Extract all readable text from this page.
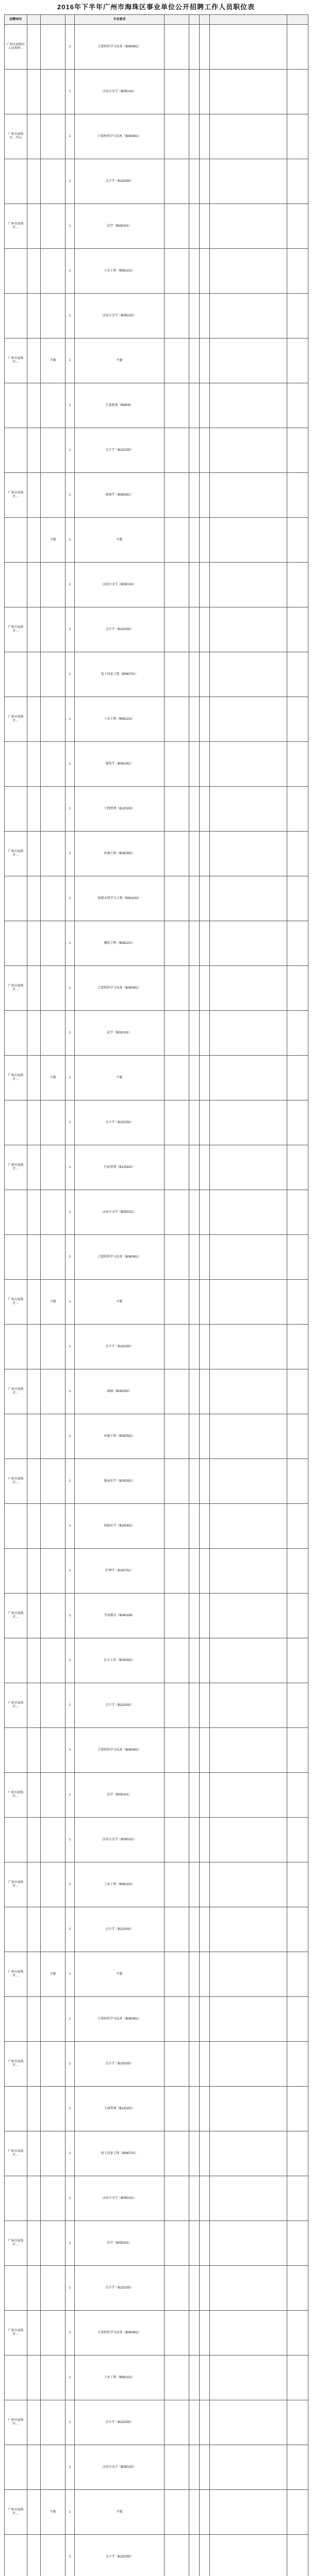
2016年下半年广州市海珠区事业单位公开招聘工作人员职位表
招聘单位				专业要求					
广州市海珠区人民政府…			1	计算机科学与技术（B080901）					
			1	汉语言文学（B050101）					
广州市海珠区…中心			1	计算机科学与技术（B080901）					
			1	会计学（B120203）					
广州市海珠区…			1	法学（B030101）					
			1	土木工程（B081101）					
			1	汉语言文学（B050101）					
广州市海珠区…		不限	1	不限					
			1	计算机类（B0809）					
			1	会计学（B120203）					
广州市海珠区…			1	新闻学（B050301）					
		不限	1	不限					
			1	汉语言文学（B050101）					
广州市海珠区…			1	会计学（B120203）					
			1	电子信息工程（B080701）					
广州市海珠区…			1	土木工程（B081101）					
			1	建筑学（B081001）					
			1	工程管理（B120103）					
广州市海珠区…			1	环境工程（B082502）					
			1	给排水科学与工程（B081103）					
			1	测绘工程（B081201）					
广州市海珠区…			1	计算机科学与技术（B080901）					
			1	法学（B030101）					
广州市海珠区…		不限	1	不限					
			1	会计学（B120203）					
广州市海珠区…			1	行政管理（B120402）					
			1	汉语言文学（B050101）					
			1	计算机科学与技术（B080901）					
广州市海珠区…		不限	1	不限					
			1	会计学（B120203）					
广州市海珠区…			1	园林（B090502）					
			1	环境工程（B082502）					
广州市海珠区…			1	临床医学（B100301）					
			1	预防医学（B100401）					
			1	护理学（B100701）					
广州市海珠区…			1	学前教育（B040106）					
			1	社会工作（B030302）					
广州市海珠区…			1	会计学（B120203）					
			1	计算机科学与技术（B080901）					
广州市海珠区…			1	法学（B030101）					
			1	汉语言文学（B050101）					
广州市海珠区…			1	土木工程（B081101）					
			1	会计学（B120203）					
广州市海珠区…		不限	1	不限					
			1	计算机科学与技术（B080901）					
广州市海珠区…			1	会计学（B120203）					
			1	工商管理（B120201）					
广州市海珠区…			1	电子信息工程（B080701）					
			1	汉语言文学（B050101）					
广州市海珠区…			1	法学（B030101）					
			1	会计学（B120203）					
广州市海珠区…			1	计算机科学与技术（B080901）					
			1	土木工程（B081101）					
广州市海珠区…			1	会计学（B120203）					
			1	汉语言文学（B050101）					
广州市海珠区…		不限	1	不限					
			1	会计学（B120203）					
